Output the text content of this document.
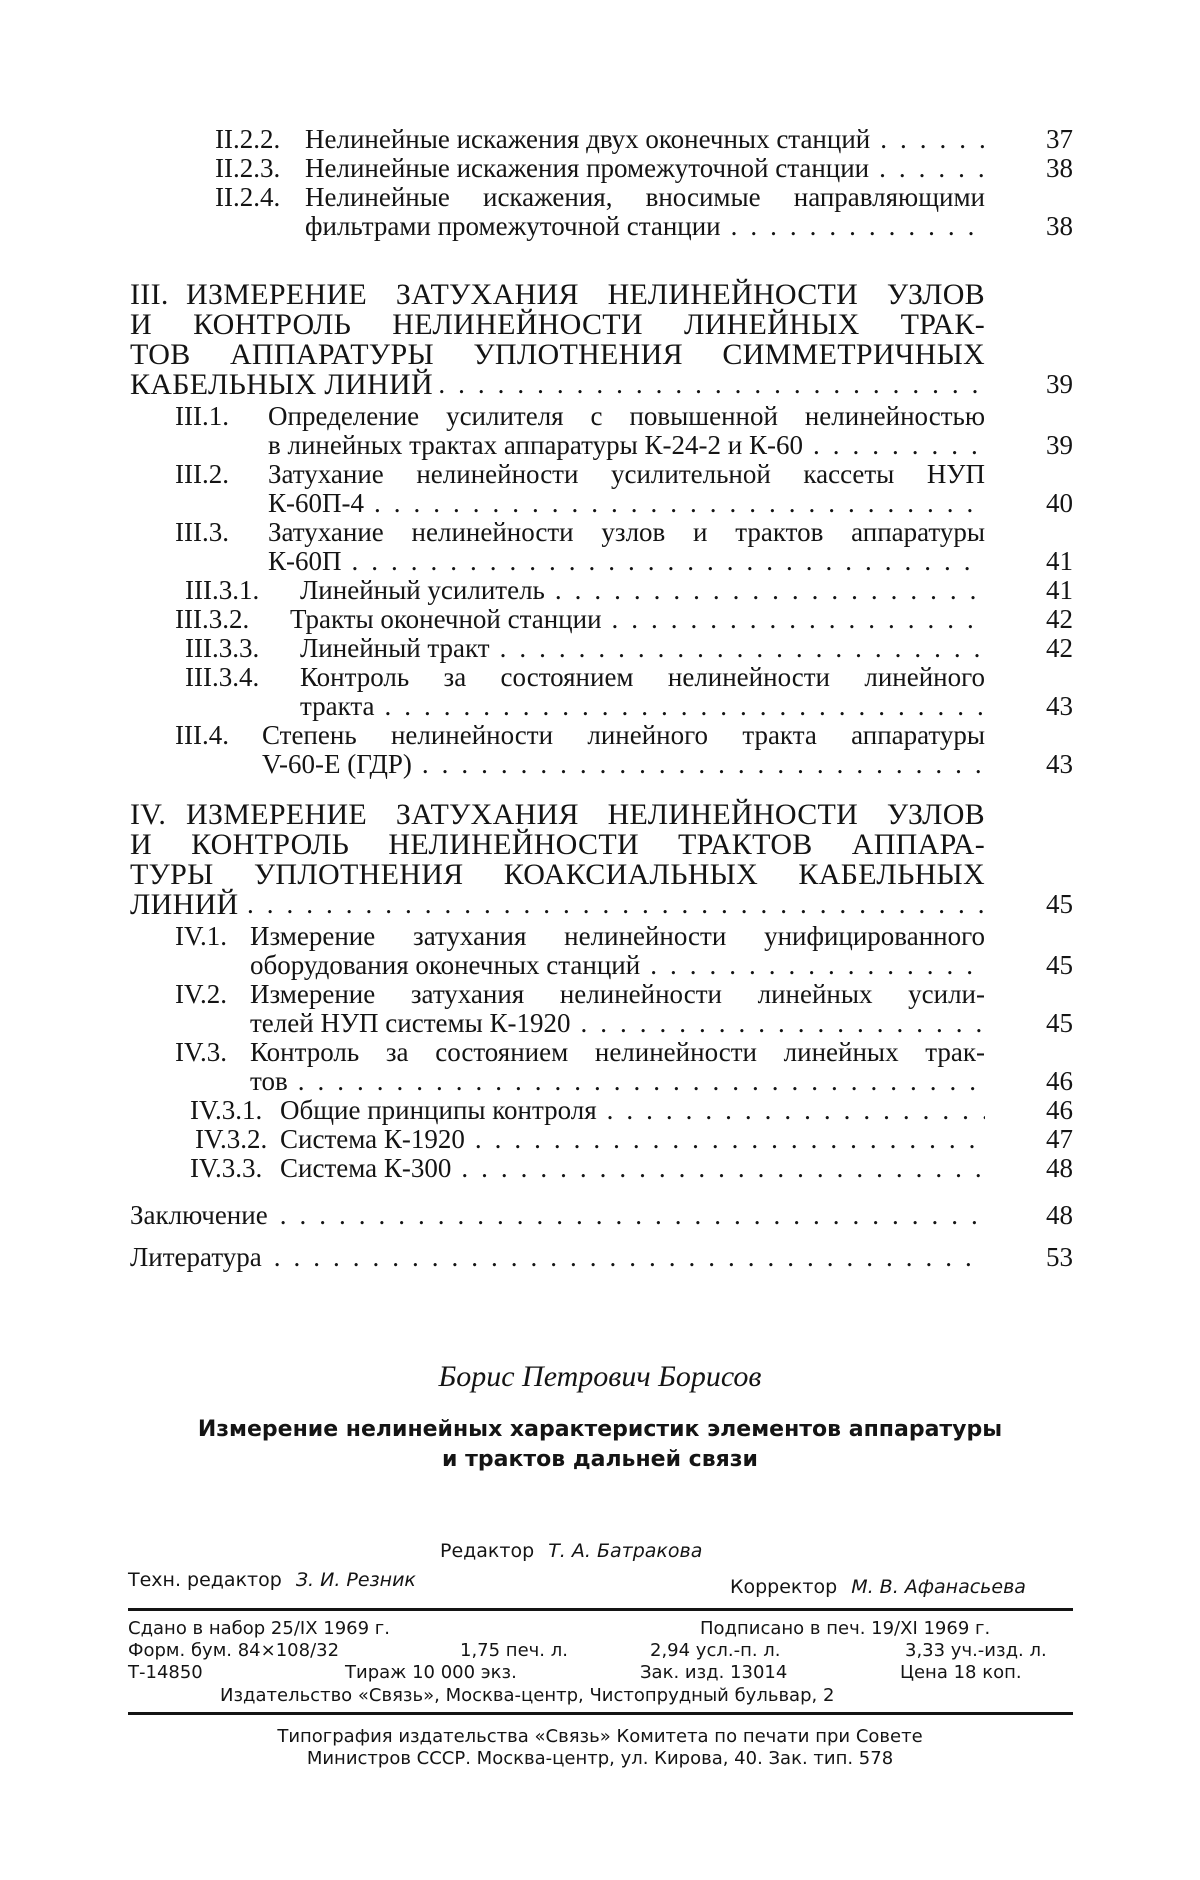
II.2.2. Нелинейные искажения двух оконечных станций .....	37
II.2.3. Нелинейные искажения промежуточной станции .....	38
II.2.4. Нелинейные искажения, вносимые направляющими
фильтрами промежуточной станции ............	38
III. ИЗМЕРЕНИЕ ЗАТУХАНИЯ НЕЛИНЕЙНОСТИ УЗЛОВ
И КОНТРОЛЬ НЕЛИНЕЙНОСТИ ЛИНЕЙНЫХ ТРАК-
ТОВ АППАРАТУРЫ УПЛОТНЕНИЯ СИММЕТРИЧНЫХ
КАБЕЛЬНЫХ ЛИНИЙ ...........................	39
III.1. Определение усилителя с повышенной нелинейностью
в линейных трактах аппаратуры К-24-2 и К-60 ........	39
III.2. Затухание нелинейности усилительной кассеты НУП
К-60П-4 ...............................	40
III.3. Затухание нелинейности узлов и трактов аппаратуры
К-60П ................................	41
III.3.1. Линейный усилитель .....................	41
III.3.2. Тракты оконечной станции ..................... 42
III.3.3. Линейный тракт ........................	42
III.3.4. Контроль за состоянием нелинейности линейного
тракта ...............................	43
III.4. Степень нелинейности линейного тракта аппаратуры
V-60-E (ГДР) ............................	43
IV. ИЗМЕРЕНИЕ ЗАТУХАНИЯ НЕЛИНЕЙНОСТИ УЗЛОВ
И КОНТРОЛЬ НЕЛИНЕЙНОСТИ ТРАКТОВ АППАРА-
ТУРЫ УПЛОТНЕНИЯ КОАКСИАЛЬНЫХ КАБЕЛЬНЫХ
ЛИНИЙ .....................................	45
IV.1. Измерение затухания нелинейности унифицированного
оборудования оконечных станций .................	45
IV.2. Измерение затухания нелинейности линейных усили-
телей НУП системы К-1920 .....................	45
IV.3. Контроль за состоянием нелинейности линейных трак-
тов ..................................	46
IV.3.1. Общие принципы контроля ..................... 46
IV.3.2. Система К-1920 ..........................	47
IV.3.3. Система К-300 ..........................	48
Заключение ....................................	48
Литература ....................................	53
Борис Петрович Борисов
Измерение нелинейных характеристик элементов аппаратуры
и трактов дальней связи
Редактор Т. А. Батракова
Техн. редактор З. И. Резник	Корректор М. В. Афанасьева
Сдано в набор 25/IX 1969 г.	Подписано в печ. 19/XI 1969 г.
Форм. бум. 84×108/32	1,75 печ. л.	2,94 усл.-п. л.	3,33 уч.-изд. л.
Т-14850	Тираж 10 000 экз.	Зак. изд. 13014	Цена 18 коп.
Издательство «Связь», Москва-центр, Чистопрудный бульвар, 2
Типография издательства «Связь» Комитета по печати при Совете
Министров СССР. Москва-центр, ул. Кирова, 40. Зак. тип. 578
